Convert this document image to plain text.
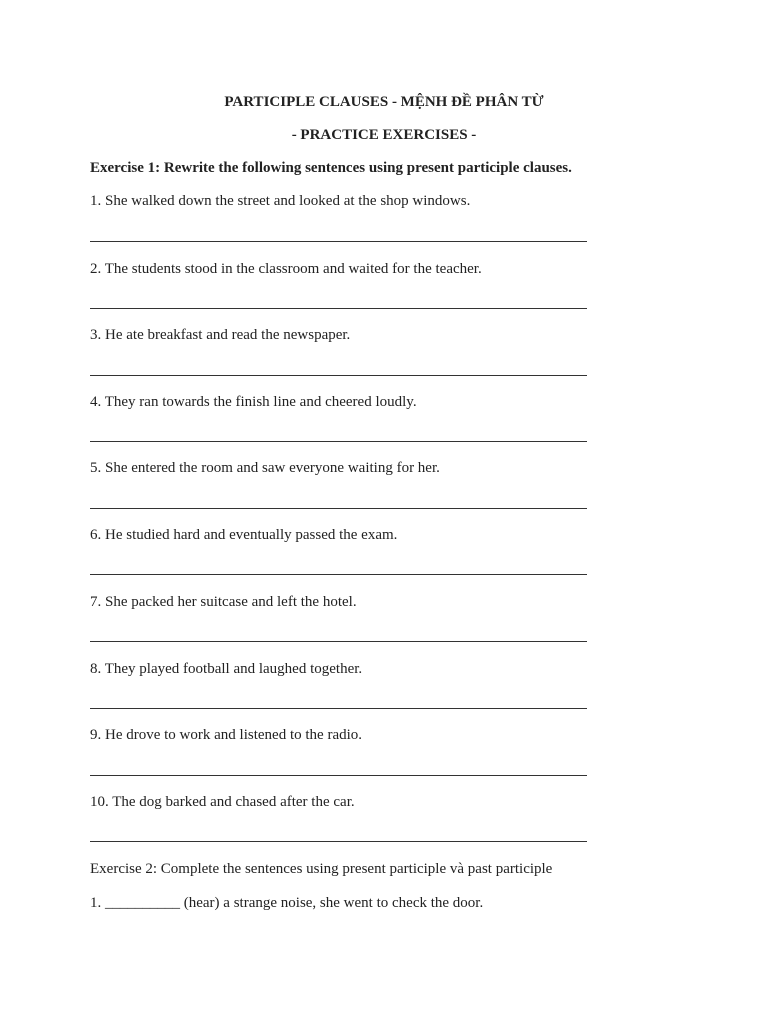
PARTICIPLE CLAUSES - MỆNH ĐỀ PHÂN TỪ
- PRACTICE EXERCISES -
Exercise 1: Rewrite the following sentences using present participle clauses.
1. She walked down the street and looked at the shop windows.
2. The students stood in the classroom and waited for the teacher.
3. He ate breakfast and read the newspaper.
4. They ran towards the finish line and cheered loudly.
5. She entered the room and saw everyone waiting for her.
6. He studied hard and eventually passed the exam.
7. She packed her suitcase and left the hotel.
8. They played football and laughed together.
9. He drove to work and listened to the radio.
10. The dog barked and chased after the car.
Exercise 2: Complete the sentences using present participle và past participle
1. __________ (hear) a strange noise, she went to check the door.
